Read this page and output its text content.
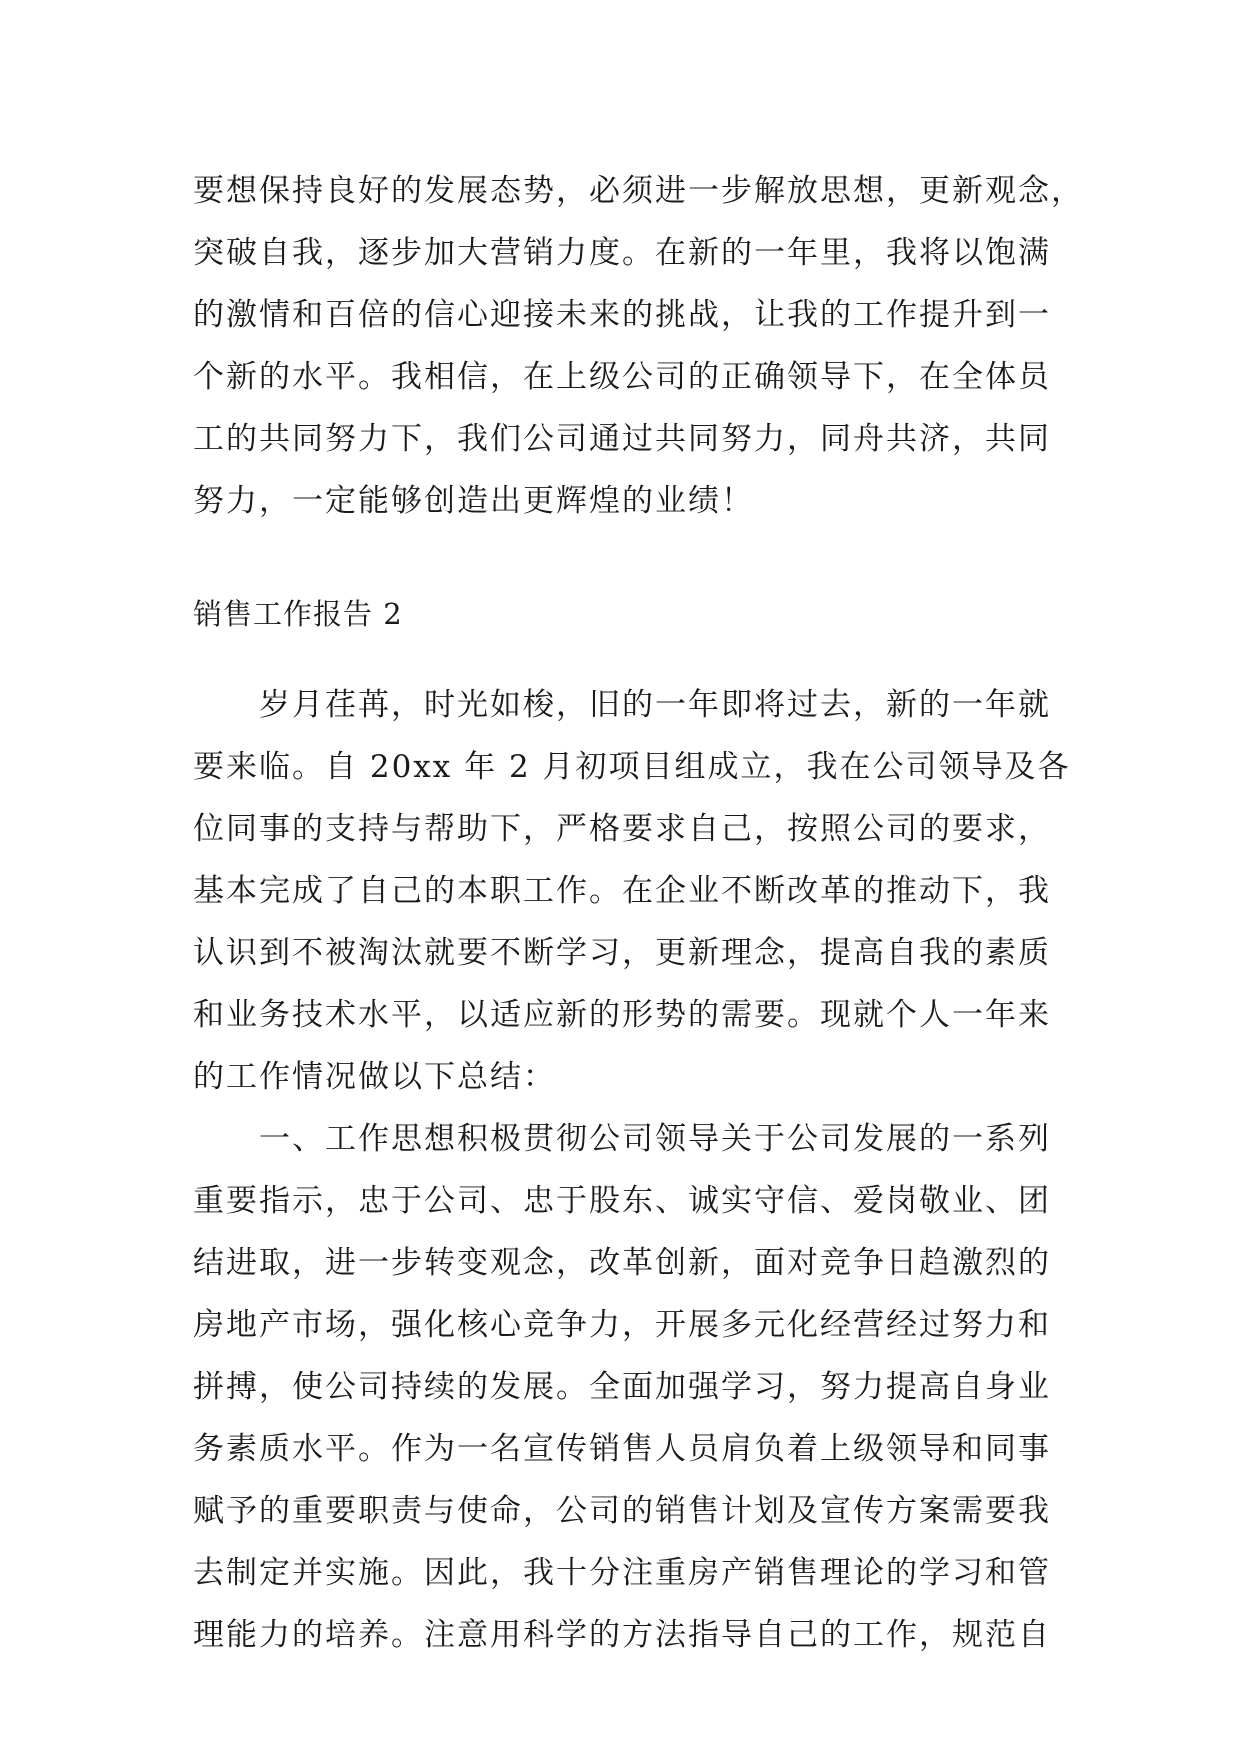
要想保持良好的发展态势，必须进一步解放思想，更新观念，

突破自我，逐步加大营销力度。在新的一年里，我将以饱满

的激情和百倍的信心迎接未来的挑战，让我的工作提升到一

个新的水平。我相信，在上级公司的正确领导下，在全体员

工的共同努力下，我们公司通过共同努力，同舟共济，共同

努力，一定能够创造出更辉煌的业绩！

销售工作报告 2

岁月荏苒，时光如梭，旧的一年即将过去，新的一年就

要来临。自 20xx 年 2 月初项目组成立，我在公司领导及各

位同事的支持与帮助下，严格要求自己，按照公司的要求，

基本完成了自己的本职工作。在企业不断改革的推动下，我

认识到不被淘汰就要不断学习，更新理念，提高自我的素质

和业务技术水平，以适应新的形势的需要。现就个人一年来

的工作情况做以下总结：

一、工作思想积极贯彻公司领导关于公司发展的一系列

重要指示，忠于公司、忠于股东、诚实守信、爱岗敬业、团

结进取，进一步转变观念，改革创新，面对竞争日趋激烈的

房地产市场，强化核心竞争力，开展多元化经营经过努力和

拼搏，使公司持续的发展。全面加强学习，努力提高自身业

务素质水平。作为一名宣传销售人员肩负着上级领导和同事

赋予的重要职责与使命，公司的销售计划及宣传方案需要我

去制定并实施。因此，我十分注重房产销售理论的学习和管

理能力的培养。注意用科学的方法指导自己的工作，规范自
